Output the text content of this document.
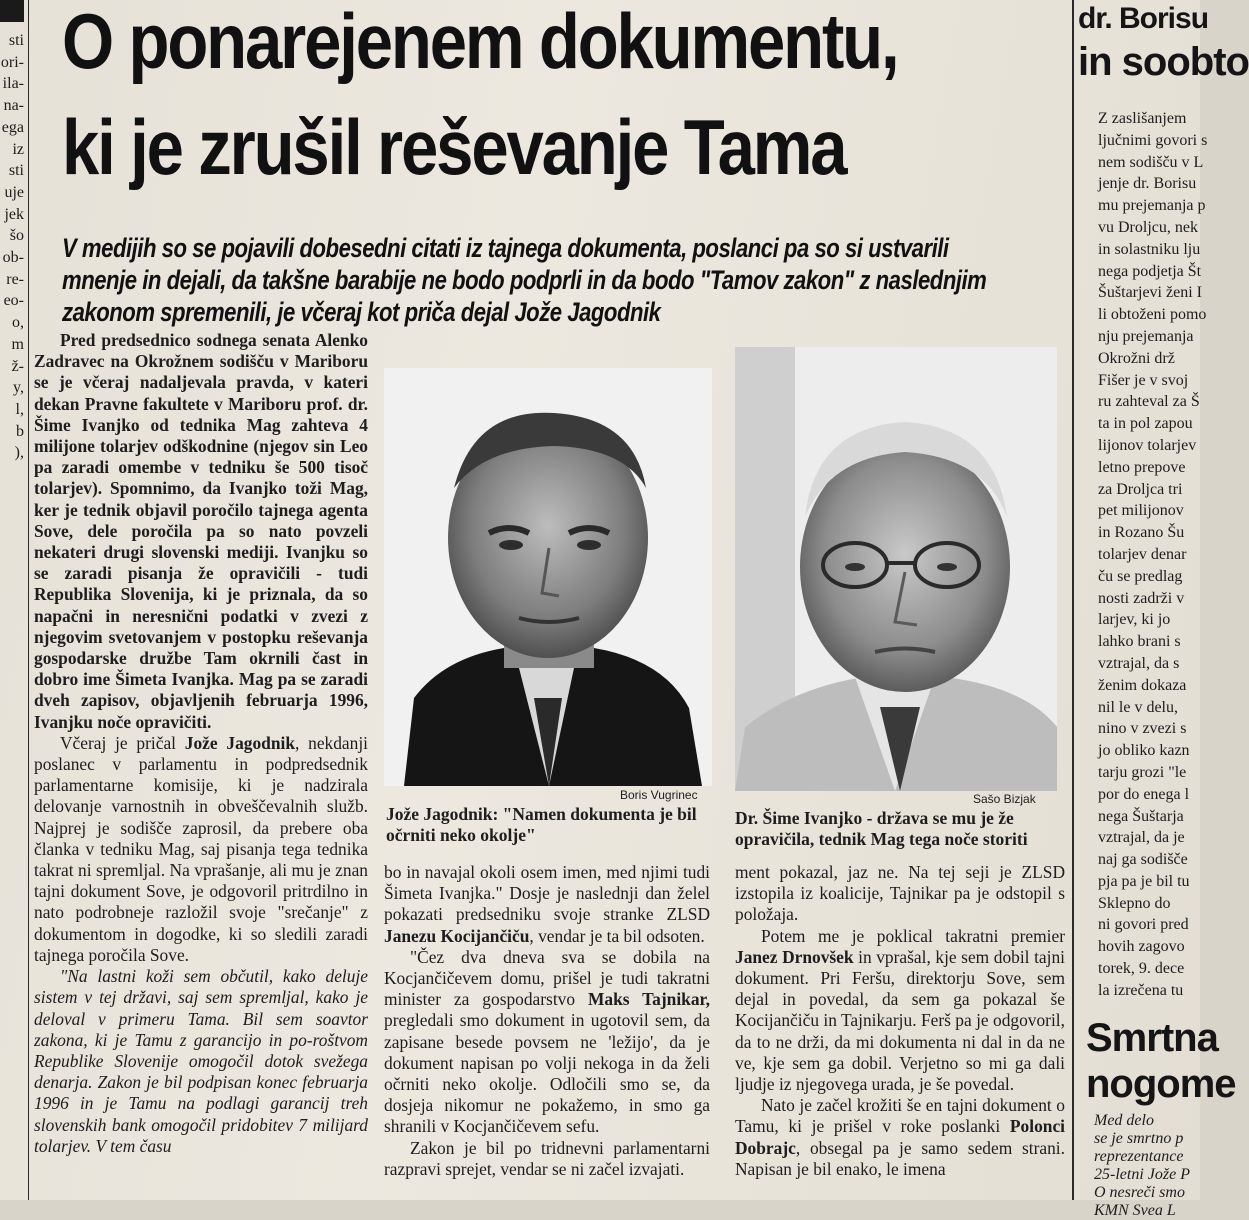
sti
ori-
ila-
na-
ega
iz
sti
uje
jek
šo
ob-
re-
eo-
o,
m
ž-
y,
l,
b
),
O ponarejenem dokumentu,
ki je zrušil reševanje Tama
V medijih so se pojavili dobesedni citati iz tajnega dokumenta, poslanci pa so si ustvarili mnenje in dejali, da takšne barabije ne bodo podprli in da bodo "Tamov zakon" z naslednjim zakonom spremenili, je včeraj kot priča dejal Jože Jagodnik

Pred predsednico sodnega senata Alenko Zadravec na Okrožnem sodišču v Mariboru se je včeraj nadaljevala pravda, v kateri dekan Pravne fakultete v Mariboru prof. dr. Šime Ivanjko od tednika Mag zahteva 4 milijone tolarjev odškodnine (njegov sin Leo pa zaradi omembe v tedniku še 500 tisoč tolarjev). Spomnimo, da Ivanjko toži Mag, ker je tednik objavil poročilo tajnega agenta Sove, dele poročila pa so nato povzeli nekateri drugi slovenski mediji. Ivanjku so se zaradi pisanja že opravičili - tudi Republika Slovenija, ki je priznala, da so napačni in neresnični podatki v zvezi z njegovim svetovanjem v postopku reševanja gospodarske družbe Tam okrnili čast in dobro ime Šimeta Ivanjka. Mag pa se zaradi dveh zapisov, objavljenih februarja 1996, Ivanjku noče opravičiti.

Včeraj je pričal Jože Jagodnik, nekdanji poslanec v parlamentu in podpredsednik parlamentarne komisije, ki je nadzirala delovanje varnostnih in obveščevalnih služb. Najprej je sodišče zaprosil, da prebere oba članka v tedniku Mag, saj pisanja tega tednika takrat ni spremljal. Na vprašanje, ali mu je znan tajni dokument Sove, je odgovoril pritrdilno in nato podrobneje razložil svoje "srečanje" z dokumentom in dogodke, ki so sledili zaradi tajnega poročila Sove.

"Na lastni koži sem občutil, kako deluje sistem v tej državi, saj sem spremljal, kako je deloval v primeru Tama. Bil sem soavtor zakona, ki je Tamu z garancijo in po-roštvom Republike Slovenije omogočil dotok svežega denarja. Zakon je bil podpisan konec februarja 1996 in je Tamu na podlagi garancij treh slovenskih bank omogočil pridobitev 7 milijard tolarjev. V tem času

Boris Vugrinec
Jože Jagodnik: "Namen dokumenta je bil očrniti neko okolje"
Sašo Bizjak
Dr. Šime Ivanjko - država se mu je že opravičila, tednik Mag tega noče storiti

bo in navajal okoli osem imen, med njimi tudi Šimeta Ivanjka." Dosje je naslednji dan želel pokazati predsedniku svoje stranke ZLSD Janezu Kocijančiču, vendar je ta bil odsoten.

"Čez dva dneva sva se dobila na Kocjančičevem domu, prišel je tudi takratni minister za gospodarstvo Maks Tajnikar, pregledali smo dokument in ugotovil sem, da zapisane besede povsem ne 'ležijo', da je dokument napisan po volji nekoga in da želi očrniti neko okolje. Odločili smo se, da dosjeja nikomur ne pokažemo, in smo ga shranili v Kocjančičevem sefu.

Zakon je bil po tridnevni parlamentarni razpravi sprejet, vendar se ni začel izvajati.

ment pokazal, jaz ne. Na tej seji je ZLSD izstopila iz koalicije, Tajnikar pa je odstopil s položaja.

Potem me je poklical takratni premier Janez Drnovšek in vprašal, kje sem dobil tajni dokument. Pri Feršu, direktorju Sove, sem dejal in povedal, da sem ga pokazal še Kocijančiču in Tajnikarju. Ferš pa je odgovoril, da to ne drži, da mi dokumenta ni dal in da ne ve, kje sem ga dobil. Verjetno so mi ga dali ljudje iz njegovega urada, je še povedal.

Nato je začel krožiti še en tajni dokument o Tamu, ki je prišel v roke poslanki Polonci Dobrajc, obsegal pa je samo sedem strani. Napisan je bil enako, le imena

dr. Borisu
in soobto
Z zaslišanjem
ljučnimi govori s
nem sodišču v L
jenje dr. Borisu
mu prejemanja p
vu Droljcu, nek
in solastniku lju
nega podjetja Št
Šuštarjevi ženi I
li obtoženi pomo
nju prejemanja
Okrožni drž
Fišer je v svoj
ru zahteval za Š
ta in pol zapou
lijonov tolarjev
letno prepove
za Droljca tri
pet milijonov
in Rozano Šu
tolarjev denar
ču se predlag
nosti zadrži v
larjev, ki jo
lahko brani s
vztrajal, da s
ženim dokaza
nil le v delu,
nino v zvezi s
jo obliko kazn
tarju grozi "le
por do enega l
nega Šuštarja
vztrajal, da je
naj ga sodišče
pja pa je bil tu
Sklepno do
ni govori pred
hovih zagovo
torek, 9. dece
la izrečena tu
Smrtna
nogome
Med delo
se je smrtno p
reprezentance
25-letni Jože P
O nesreči smo
KMN Svea L
